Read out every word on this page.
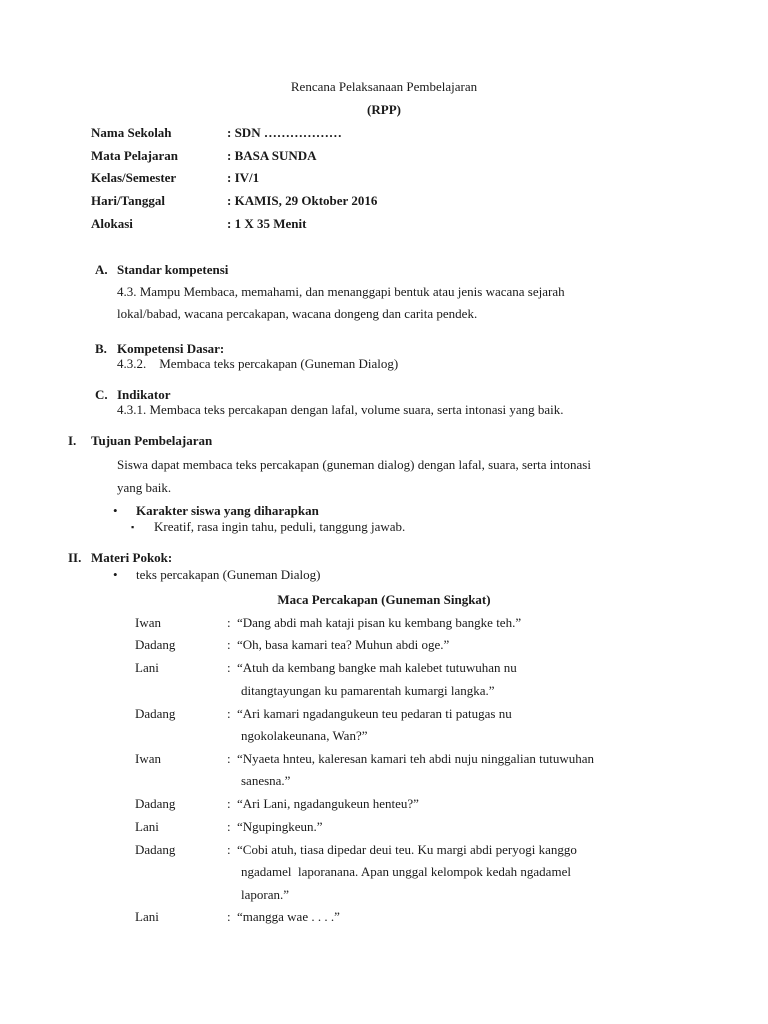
Rencana Pelaksanaan Pembelajaran
(RPP)
Nama Sekolah	: SDN ………………
Mata Pelajaran	: BASA SUNDA
Kelas/Semester	: IV/1
Hari/Tanggal	: KAMIS, 29 Oktober 2016
Alokasi	: 1 X 35 Menit
A. Standar kompetensi
4.3. Mampu Membaca, memahami, dan menanggapi bentuk atau jenis wacana sejarah
lokal/babad, wacana percakapan, wacana dongeng dan carita pendek.
B. Kompetensi Dasar:
4.3.2.    Membaca teks percakapan (Guneman Dialog)
C. Indikator
4.3.1. Membaca teks percakapan dengan lafal, volume suara, serta intonasi yang baik.
I. Tujuan Pembelajaran
Siswa dapat membaca teks percakapan (guneman dialog) dengan lafal, suara, serta intonasi
yang baik.
• Karakter siswa yang diharapkan
▪ Kreatif, rasa ingin tahu, peduli, tanggung jawab.
II. Materi Pokok:
• teks percakapan (Guneman Dialog)
Maca Percakapan (Guneman Singkat)
Iwan	: “Dang abdi mah kataji pisan ku kembang bangke teh.”
Dadang	: “Oh, basa kamari tea? Muhun abdi oge.”
Lani	: “Atuh da kembang bangke mah kalebet tutuwuhan nu
ditangtayungan ku pamarentah kumargi langka.”
Dadang	: “Ari kamari ngadangukeun teu pedaran ti patugas nu
ngokolakeunana, Wan?”
Iwan	: “Nyaeta hnteu, kaleresan kamari teh abdi nuju ninggalian tutuwuhan
sanesna.”
Dadang	: “Ari Lani, ngadangukeun henteu?”
Lani	: “Ngupingkeun.”
Dadang	: “Cobi atuh, tiasa dipedar deui teu. Ku margi abdi peryogi kanggo
ngadamel  laporanana. Apan unggal kelompok kedah ngadamel
laporan.”
Lani	: “mangga wae . . . .”
